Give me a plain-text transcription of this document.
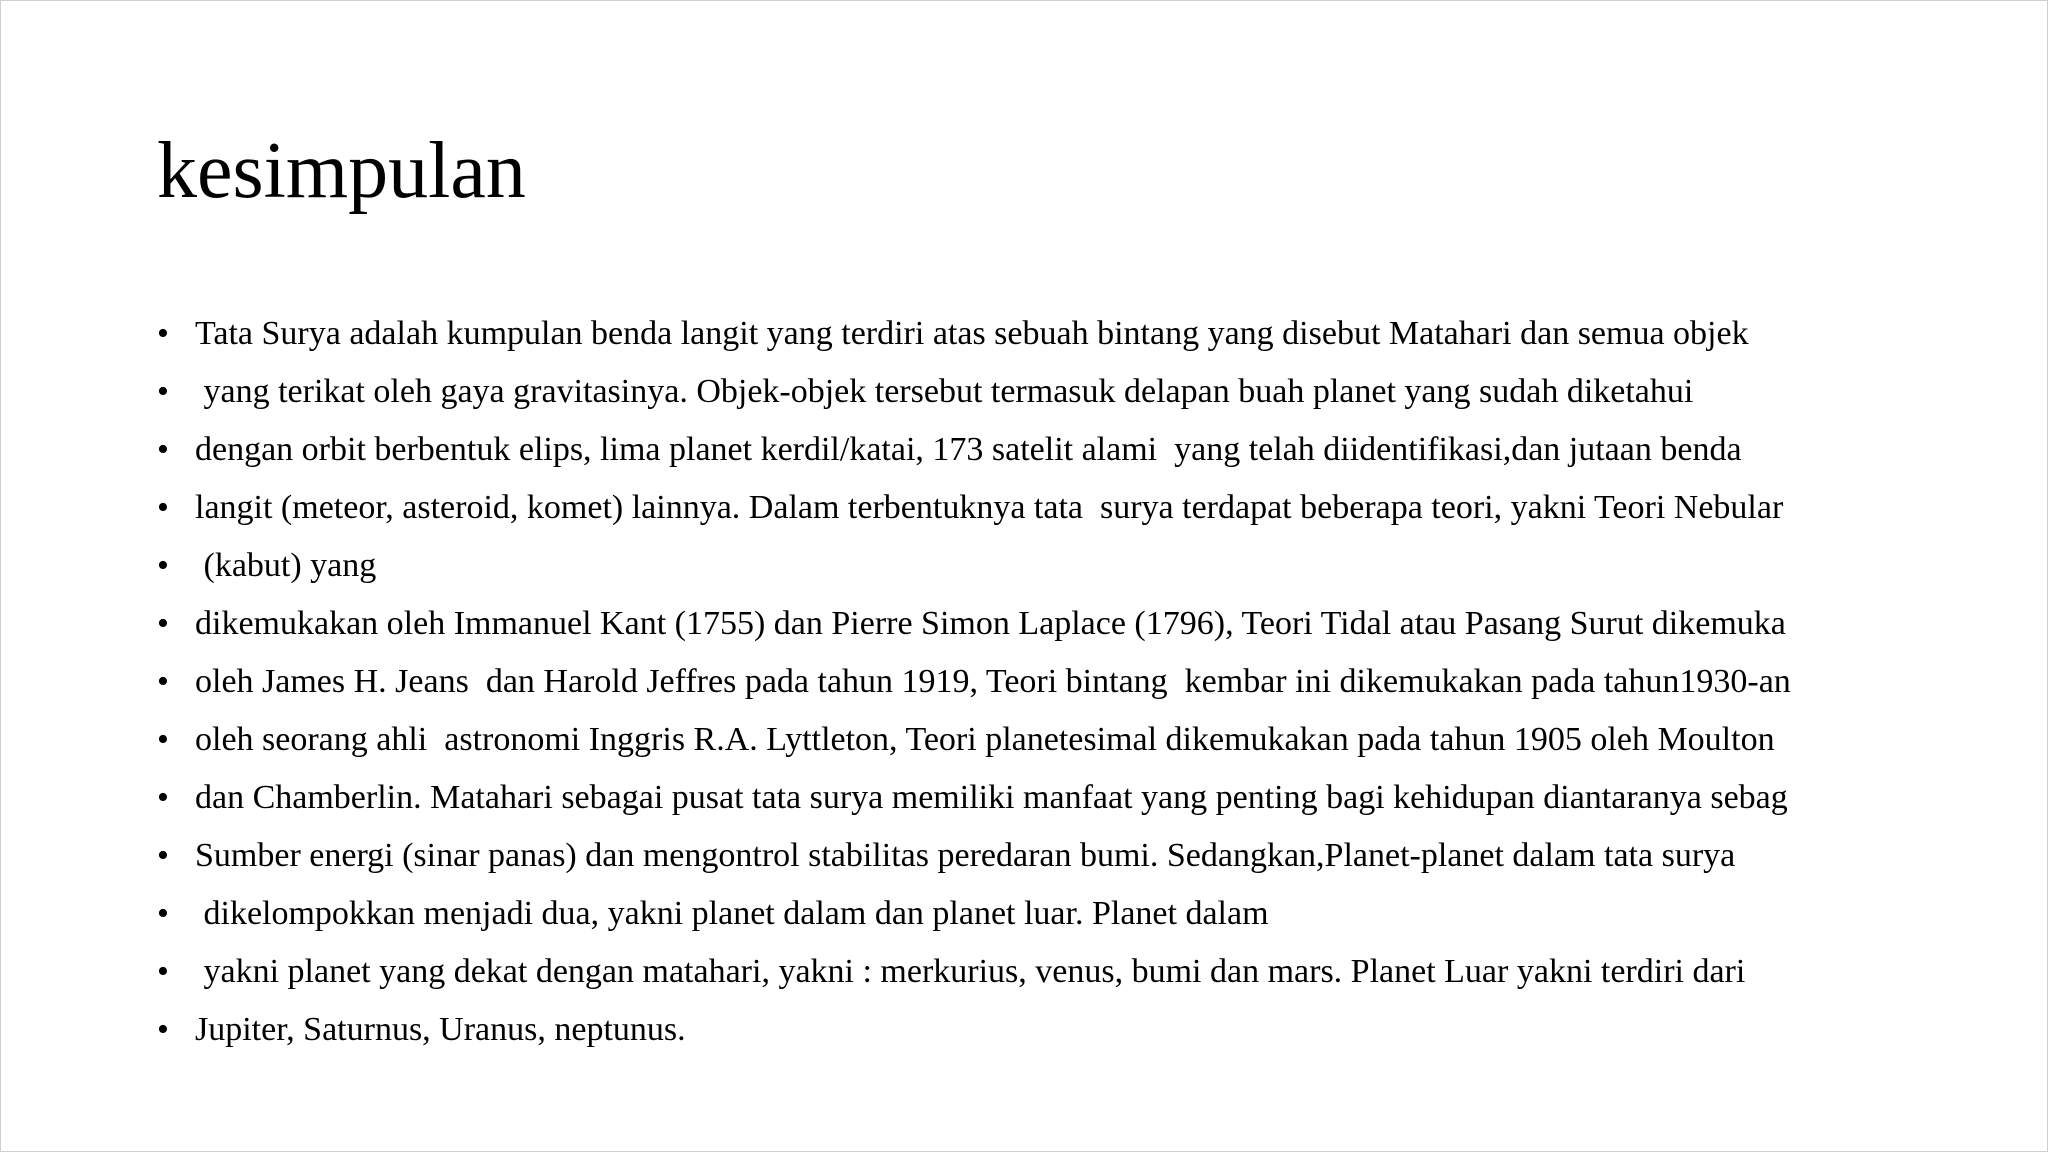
kesimpulan
• Tata Surya adalah kumpulan benda langit yang terdiri atas sebuah bintang yang disebut Matahari dan semua objek
• yang terikat oleh gaya gravitasinya. Objek-objek tersebut termasuk delapan buah planet yang sudah diketahui
• dengan orbit berbentuk elips, lima planet kerdil/katai, 173 satelit alami  yang telah diidentifikasi,dan jutaan benda
• langit (meteor, asteroid, komet) lainnya. Dalam terbentuknya tata  surya terdapat beberapa teori, yakni Teori Nebular
• (kabut) yang
• dikemukakan oleh Immanuel Kant (1755) dan Pierre Simon Laplace (1796), Teori Tidal atau Pasang Surut dikemuka
• oleh James H. Jeans  dan Harold Jeffres pada tahun 1919, Teori bintang  kembar ini dikemukakan pada tahun1930-an
• oleh seorang ahli  astronomi Inggris R.A. Lyttleton, Teori planetesimal dikemukakan pada tahun 1905 oleh Moulton
• dan Chamberlin. Matahari sebagai pusat tata surya memiliki manfaat yang penting bagi kehidupan diantaranya sebag
• Sumber energi (sinar panas) dan mengontrol stabilitas peredaran bumi. Sedangkan,Planet-planet dalam tata surya
• dikelompokkan menjadi dua, yakni planet dalam dan planet luar. Planet dalam
• yakni planet yang dekat dengan matahari, yakni : merkurius, venus, bumi dan mars. Planet Luar yakni terdiri dari
• Jupiter, Saturnus, Uranus, neptunus.
